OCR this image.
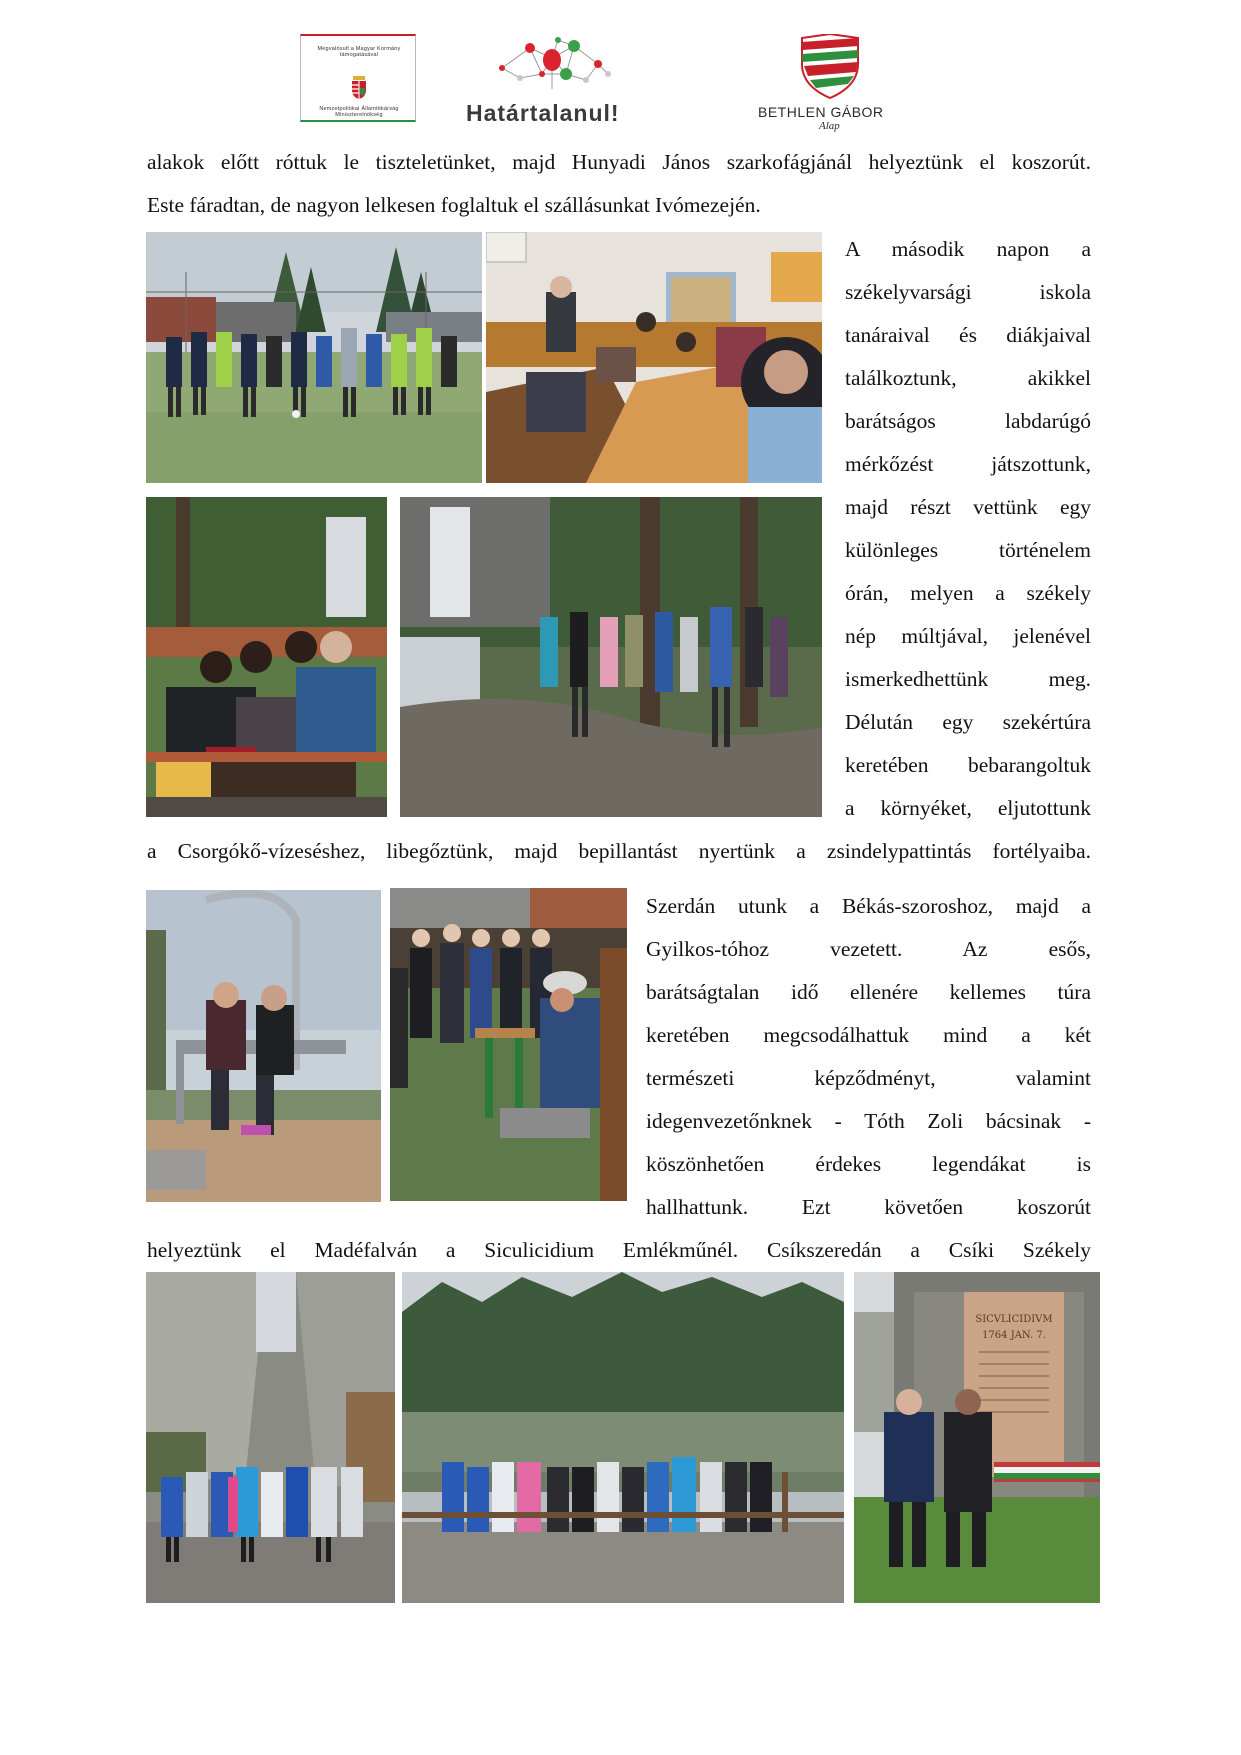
Megvalósult a Magyar Kormány támogatásával
Nemzetpolitikai Államtitkárság Miniszterelnökség	Határtalanul!	BETHLEN GÁBOR
Alap
alakok előtt róttuk le tiszteletünket, majd Hunyadi János szarkofágjánál helyeztünk el koszorút.
Este fáradtan, de nagyon lelkesen foglaltuk el szállásunkat Ivómezején.
A második napon a
székelyvarsági iskola
tanáraival és diákjaival
találkoztunk, akikkel
barátságos labdarúgó
mérkőzést játszottunk,
majd részt vettünk egy
különleges történelem
órán, melyen a székely
nép múltjával, jelenével
ismerkedhettünk meg.
Délután egy szekértúra
keretében bebarangoltuk
a környéket, eljutottunk
a Csorgókő-vízeséshez, libegőztünk, majd bepillantást nyertünk a zsindelypattintás fortélyaiba.
Szerdán utunk a Békás-szoroshoz, majd a
Gyilkos-tóhoz vezetett. Az esős,
barátságtalan idő ellenére kellemes túra
keretében megcsodálhattuk mind a két
természeti képződményt, valamint
idegenvezetőnknek - Tóth Zoli bácsinak -
köszönhetően érdekes legendákat is
hallhattunk. Ezt követően koszorút
helyeztünk el Madéfalván a Siculicidium Emlékműnél. Csíkszeredán a Csíki Székely
SICVLICIDIVM
1764 JAN. 7.
